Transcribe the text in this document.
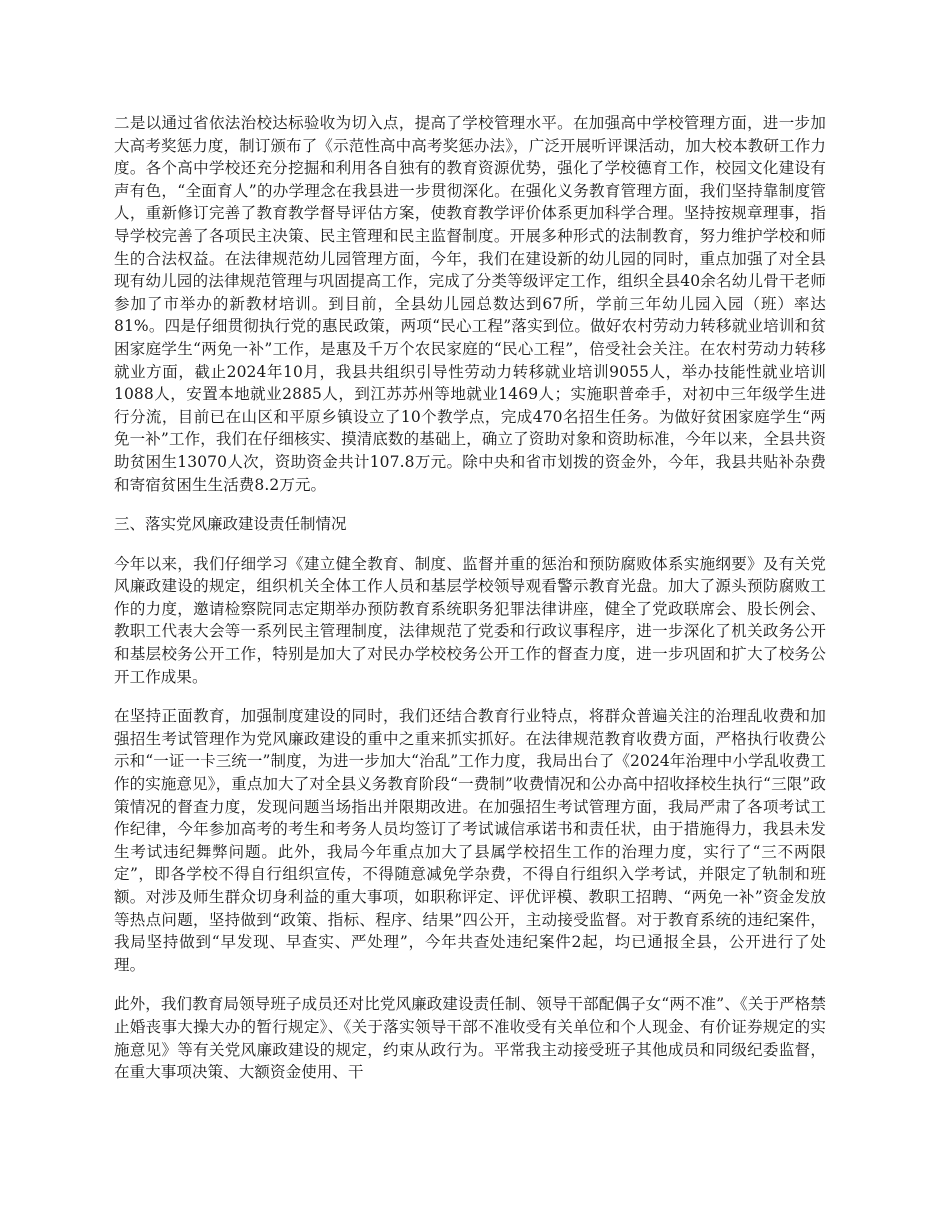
二是以通过省依法治校达标验收为切入点，提高了学校管理水平。在加强高中学校管理方面，进一步加大高考奖惩力度，制订颁布了《示范性高中高考奖惩办法》，广泛开展听评课活动，加大校本教研工作力度。各个高中学校还充分挖掘和利用各自独有的教育资源优势，强化了学校德育工作，校园文化建设有声有色，“全面育人”的办学理念在我县进一步贯彻深化。在强化义务教育管理方面，我们坚持靠制度管人，重新修订完善了教育教学督导评估方案，使教育教学评价体系更加科学合理。坚持按规章理事，指导学校完善了各项民主决策、民主管理和民主监督制度。开展多种形式的法制教育，努力维护学校和师生的合法权益。在法律规范幼儿园管理方面，今年，我们在建设新的幼儿园的同时，重点加强了对全县现有幼儿园的法律规范管理与巩固提高工作，完成了分类等级评定工作，组织全县40余名幼儿骨干老师参加了市举办的新教材培训。到目前，全县幼儿园总数达到67所，学前三年幼儿园入园（班）率达81%。四是仔细贯彻执行党的惠民政策，两项“民心工程”落实到位。做好农村劳动力转移就业培训和贫困家庭学生“两免一补”工作，是惠及千万个农民家庭的“民心工程”，倍受社会关注。在农村劳动力转移就业方面，截止2024年10月，我县共组织引导性劳动力转移就业培训9055人，举办技能性就业培训1088人，安置本地就业2885人，到江苏苏州等地就业1469人；实施职普牵手，对初中三年级学生进行分流，目前已在山区和平原乡镇设立了10个教学点，完成470名招生任务。为做好贫困家庭学生“两免一补”工作，我们在仔细核实、摸清底数的基础上，确立了资助对象和资助标准，今年以来，全县共资助贫困生13070人次，资助资金共计107.8万元。除中央和省市划拨的资金外，今年，我县共贴补杂费和寄宿贫困生生活费8.2万元。

三、落实党风廉政建设责任制情况

今年以来，我们仔细学习《建立健全教育、制度、监督并重的惩治和预防腐败体系实施纲要》及有关党风廉政建设的规定，组织机关全体工作人员和基层学校领导观看警示教育光盘。加大了源头预防腐败工作的力度，邀请检察院同志定期举办预防教育系统职务犯罪法律讲座，健全了党政联席会、股长例会、教职工代表大会等一系列民主管理制度，法律规范了党委和行政议事程序，进一步深化了机关政务公开和基层校务公开工作，特别是加大了对民办学校校务公开工作的督查力度，进一步巩固和扩大了校务公开工作成果。

在坚持正面教育，加强制度建设的同时，我们还结合教育行业特点，将群众普遍关注的治理乱收费和加强招生考试管理作为党风廉政建设的重中之重来抓实抓好。在法律规范教育收费方面，严格执行收费公示和“一证一卡三统一”制度，为进一步加大“治乱”工作力度，我局出台了《2024年治理中小学乱收费工作的实施意见》，重点加大了对全县义务教育阶段“一费制”收费情况和公办高中招收择校生执行“三限”政策情况的督查力度，发现问题当场指出并限期改进。在加强招生考试管理方面，我局严肃了各项考试工作纪律，今年参加高考的考生和考务人员均签订了考试诚信承诺书和责任状，由于措施得力，我县未发生考试违纪舞弊问题。此外，我局今年重点加大了县属学校招生工作的治理力度，实行了“三不两限定”，即各学校不得自行组织宣传，不得随意减免学杂费，不得自行组织入学考试，并限定了轨制和班额。对涉及师生群众切身利益的重大事项，如职称评定、评优评模、教职工招聘、“两免一补”资金发放等热点问题，坚持做到“政策、指标、程序、结果”四公开，主动接受监督。对于教育系统的违纪案件，我局坚持做到“早发现、早查实、严处理”，今年共查处违纪案件2起，均已通报全县，公开进行了处理。

此外，我们教育局领导班子成员还对比党风廉政建设责任制、领导干部配偶子女“两不准”、《关于严格禁止婚丧事大操大办的暂行规定》、《关于落实领导干部不准收受有关单位和个人现金、有价证券规定的实施意见》等有关党风廉政建设的规定，约束从政行为。平常我主动接受班子其他成员和同级纪委监督，在重大事项决策、大额资金使用、干
